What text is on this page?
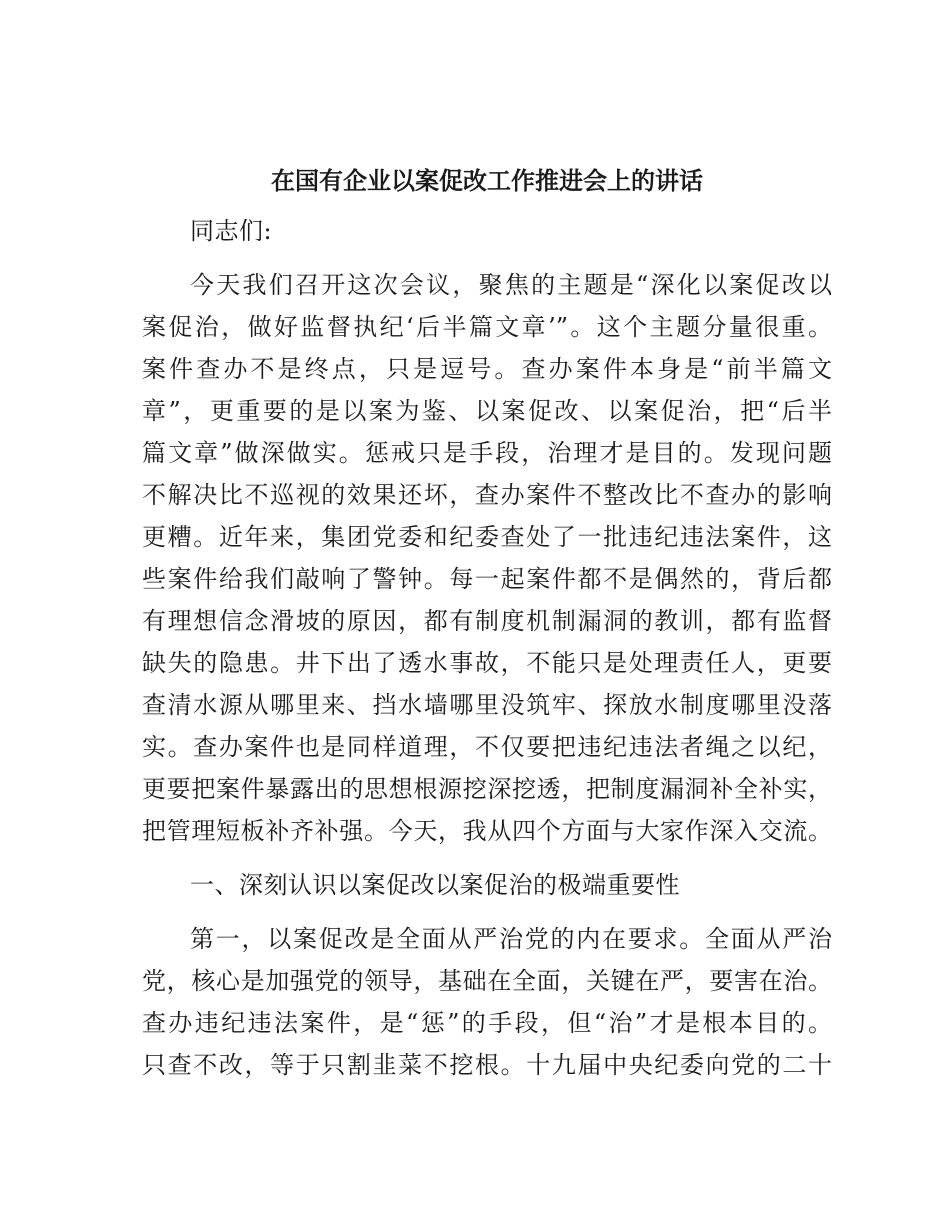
在国有企业以案促改工作推进会上的讲话

同志们:

今天我们召开这次会议，聚焦的主题是“深化以案促改以

案促治，做好监督执纪‘后半篇文章’”。这个主题分量很重。

案件查办不是终点，只是逗号。查办案件本身是“前半篇文

章”，更重要的是以案为鉴、以案促改、以案促治，把“后半

篇文章”做深做实。惩戒只是手段，治理才是目的。发现问题

不解决比不巡视的效果还坏，查办案件不整改比不查办的影响

更糟。近年来，集团党委和纪委查处了一批违纪违法案件，这

些案件给我们敲响了警钟。每一起案件都不是偶然的，背后都

有理想信念滑坡的原因，都有制度机制漏洞的教训，都有监督

缺失的隐患。井下出了透水事故，不能只是处理责任人，更要

查清水源从哪里来、挡水墙哪里没筑牢、探放水制度哪里没落

实。查办案件也是同样道理，不仅要把违纪违法者绳之以纪，

更要把案件暴露出的思想根源挖深挖透，把制度漏洞补全补实，

把管理短板补齐补强。今天，我从四个方面与大家作深入交流。

一、深刻认识以案促改以案促治的极端重要性

第一，以案促改是全面从严治党的内在要求。全面从严治

党，核心是加强党的领导，基础在全面，关键在严，要害在治。

查办违纪违法案件，是“惩”的手段，但“治”才是根本目的。

只查不改，等于只割韭菜不挖根。十九届中央纪委向党的二十
